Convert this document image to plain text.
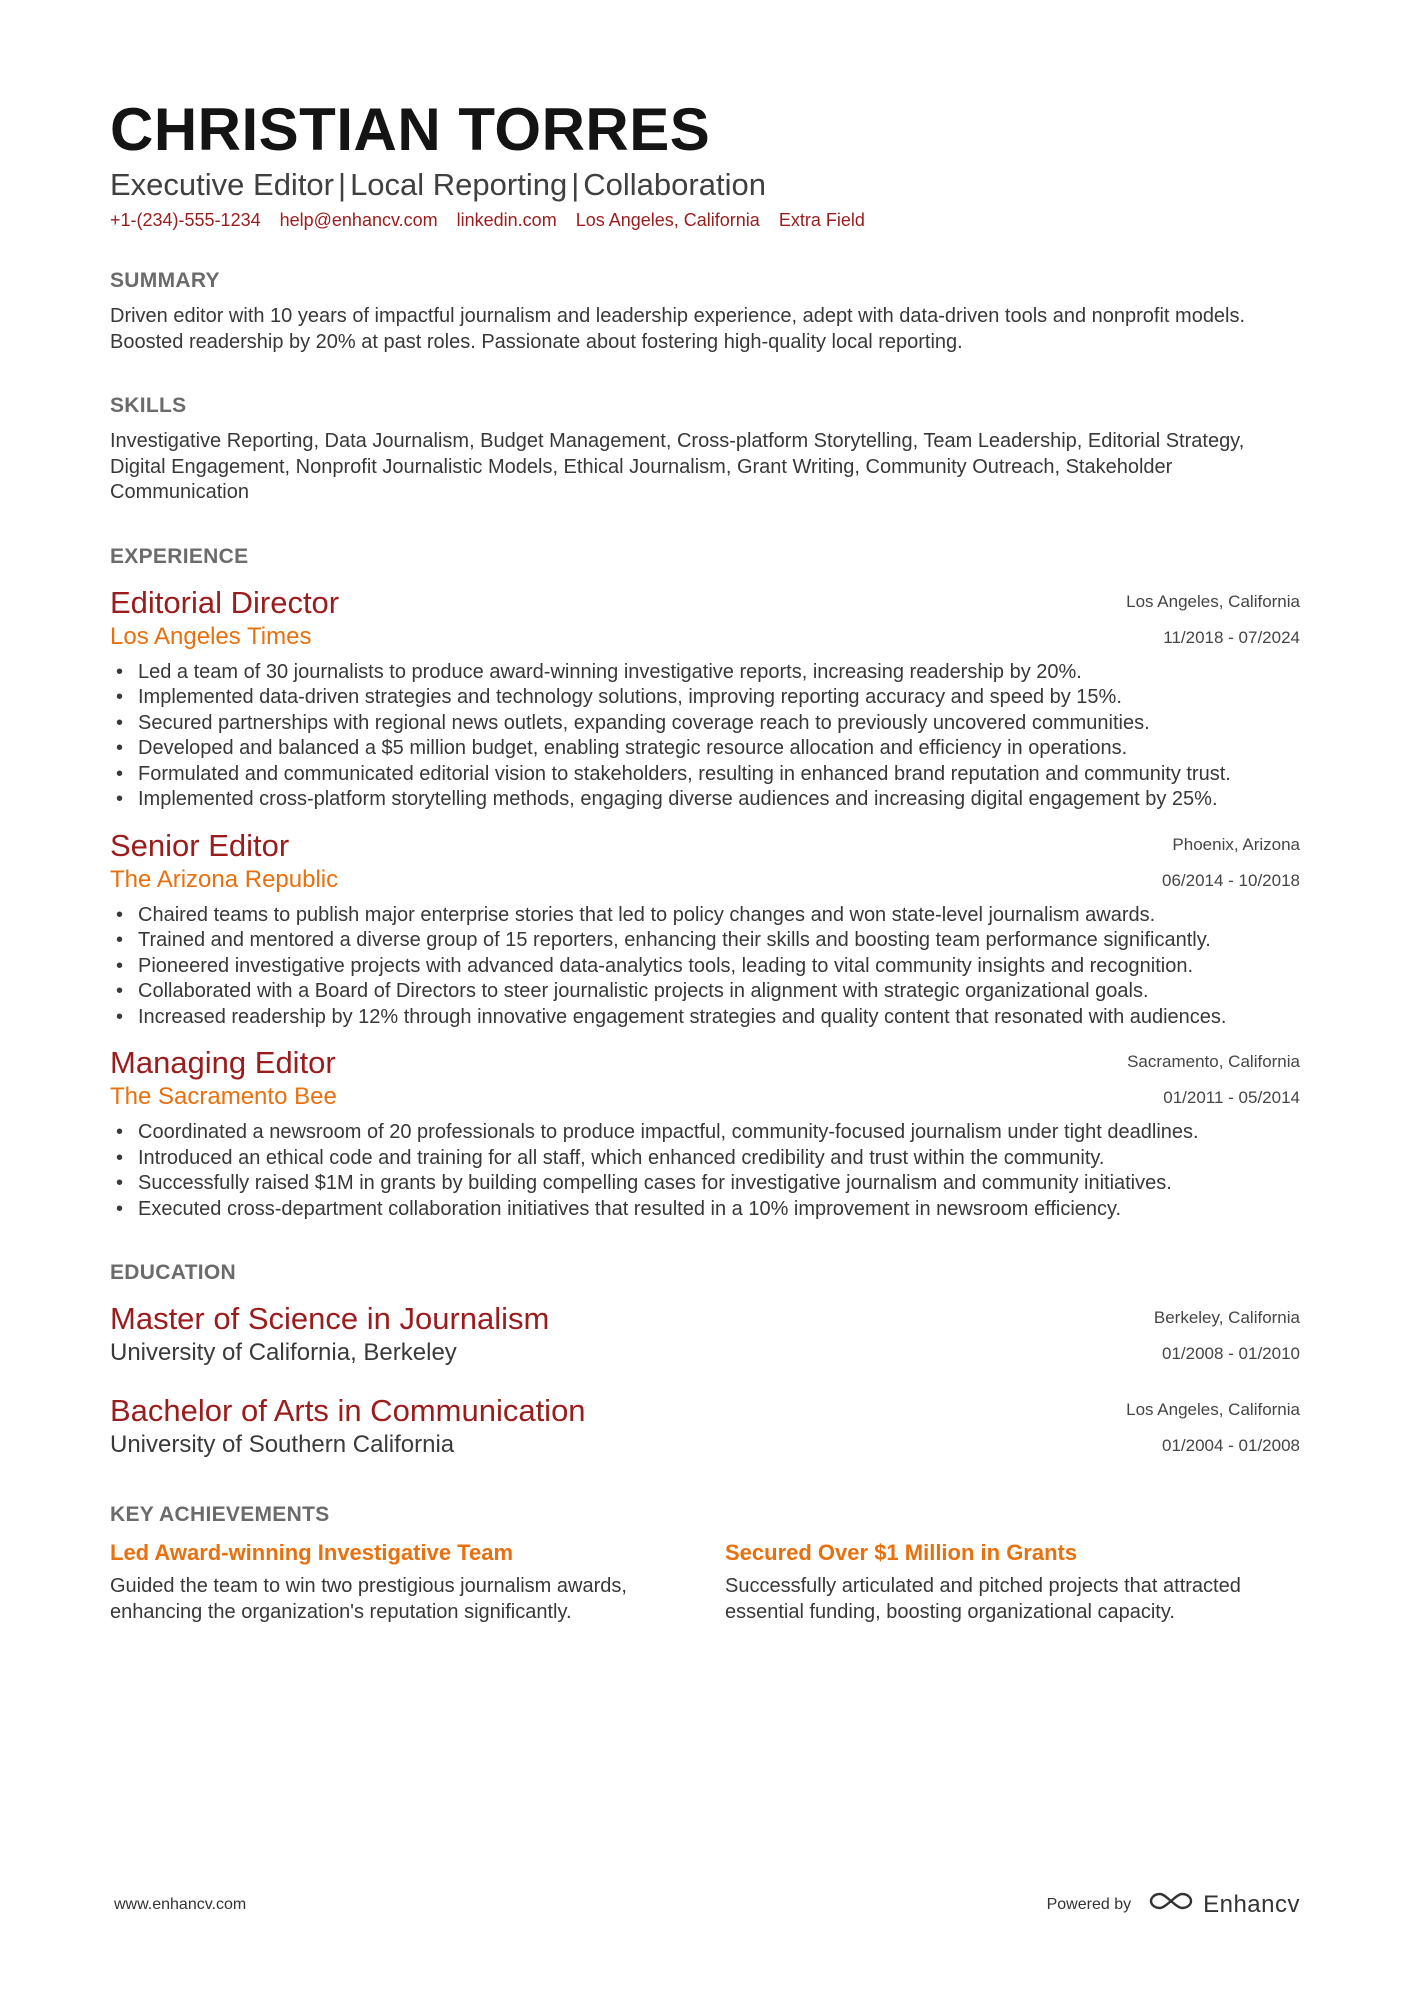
CHRISTIAN TORRES
Executive Editor | Local Reporting | Collaboration
+1-(234)-555-1234 help@enhancv.com linkedin.com Los Angeles, California Extra Field
SUMMARY
Driven editor with 10 years of impactful journalism and leadership experience, adept with data-driven tools and nonprofit models. Boosted readership by 20% at past roles. Passionate about fostering high-quality local reporting.
SKILLS
Investigative Reporting, Data Journalism, Budget Management, Cross-platform Storytelling, Team Leadership, Editorial Strategy, Digital Engagement, Nonprofit Journalistic Models, Ethical Journalism, Grant Writing, Community Outreach, Stakeholder Communication
EXPERIENCE
Editorial Director
Los Angeles Times
Los Angeles, California
11/2018 - 07/2024
• Led a team of 30 journalists to produce award-winning investigative reports, increasing readership by 20%.
• Implemented data-driven strategies and technology solutions, improving reporting accuracy and speed by 15%.
• Secured partnerships with regional news outlets, expanding coverage reach to previously uncovered communities.
• Developed and balanced a $5 million budget, enabling strategic resource allocation and efficiency in operations.
• Formulated and communicated editorial vision to stakeholders, resulting in enhanced brand reputation and community trust.
• Implemented cross-platform storytelling methods, engaging diverse audiences and increasing digital engagement by 25%.
Senior Editor
The Arizona Republic
Phoenix, Arizona
06/2014 - 10/2018
• Chaired teams to publish major enterprise stories that led to policy changes and won state-level journalism awards.
• Trained and mentored a diverse group of 15 reporters, enhancing their skills and boosting team performance significantly.
• Pioneered investigative projects with advanced data-analytics tools, leading to vital community insights and recognition.
• Collaborated with a Board of Directors to steer journalistic projects in alignment with strategic organizational goals.
• Increased readership by 12% through innovative engagement strategies and quality content that resonated with audiences.
Managing Editor
The Sacramento Bee
Sacramento, California
01/2011 - 05/2014
• Coordinated a newsroom of 20 professionals to produce impactful, community-focused journalism under tight deadlines.
• Introduced an ethical code and training for all staff, which enhanced credibility and trust within the community.
• Successfully raised $1M in grants by building compelling cases for investigative journalism and community initiatives.
• Executed cross-department collaboration initiatives that resulted in a 10% improvement in newsroom efficiency.
EDUCATION
Master of Science in Journalism
University of California, Berkeley
Berkeley, California
01/2008 - 01/2010
Bachelor of Arts in Communication
University of Southern California
Los Angeles, California
01/2004 - 01/2008
KEY ACHIEVEMENTS
Led Award-winning Investigative Team
Guided the team to win two prestigious journalism awards, enhancing the organization's reputation significantly.
Secured Over $1 Million in Grants
Successfully articulated and pitched projects that attracted essential funding, boosting organizational capacity.
www.enhancv.com	Powered by	Enhancv
